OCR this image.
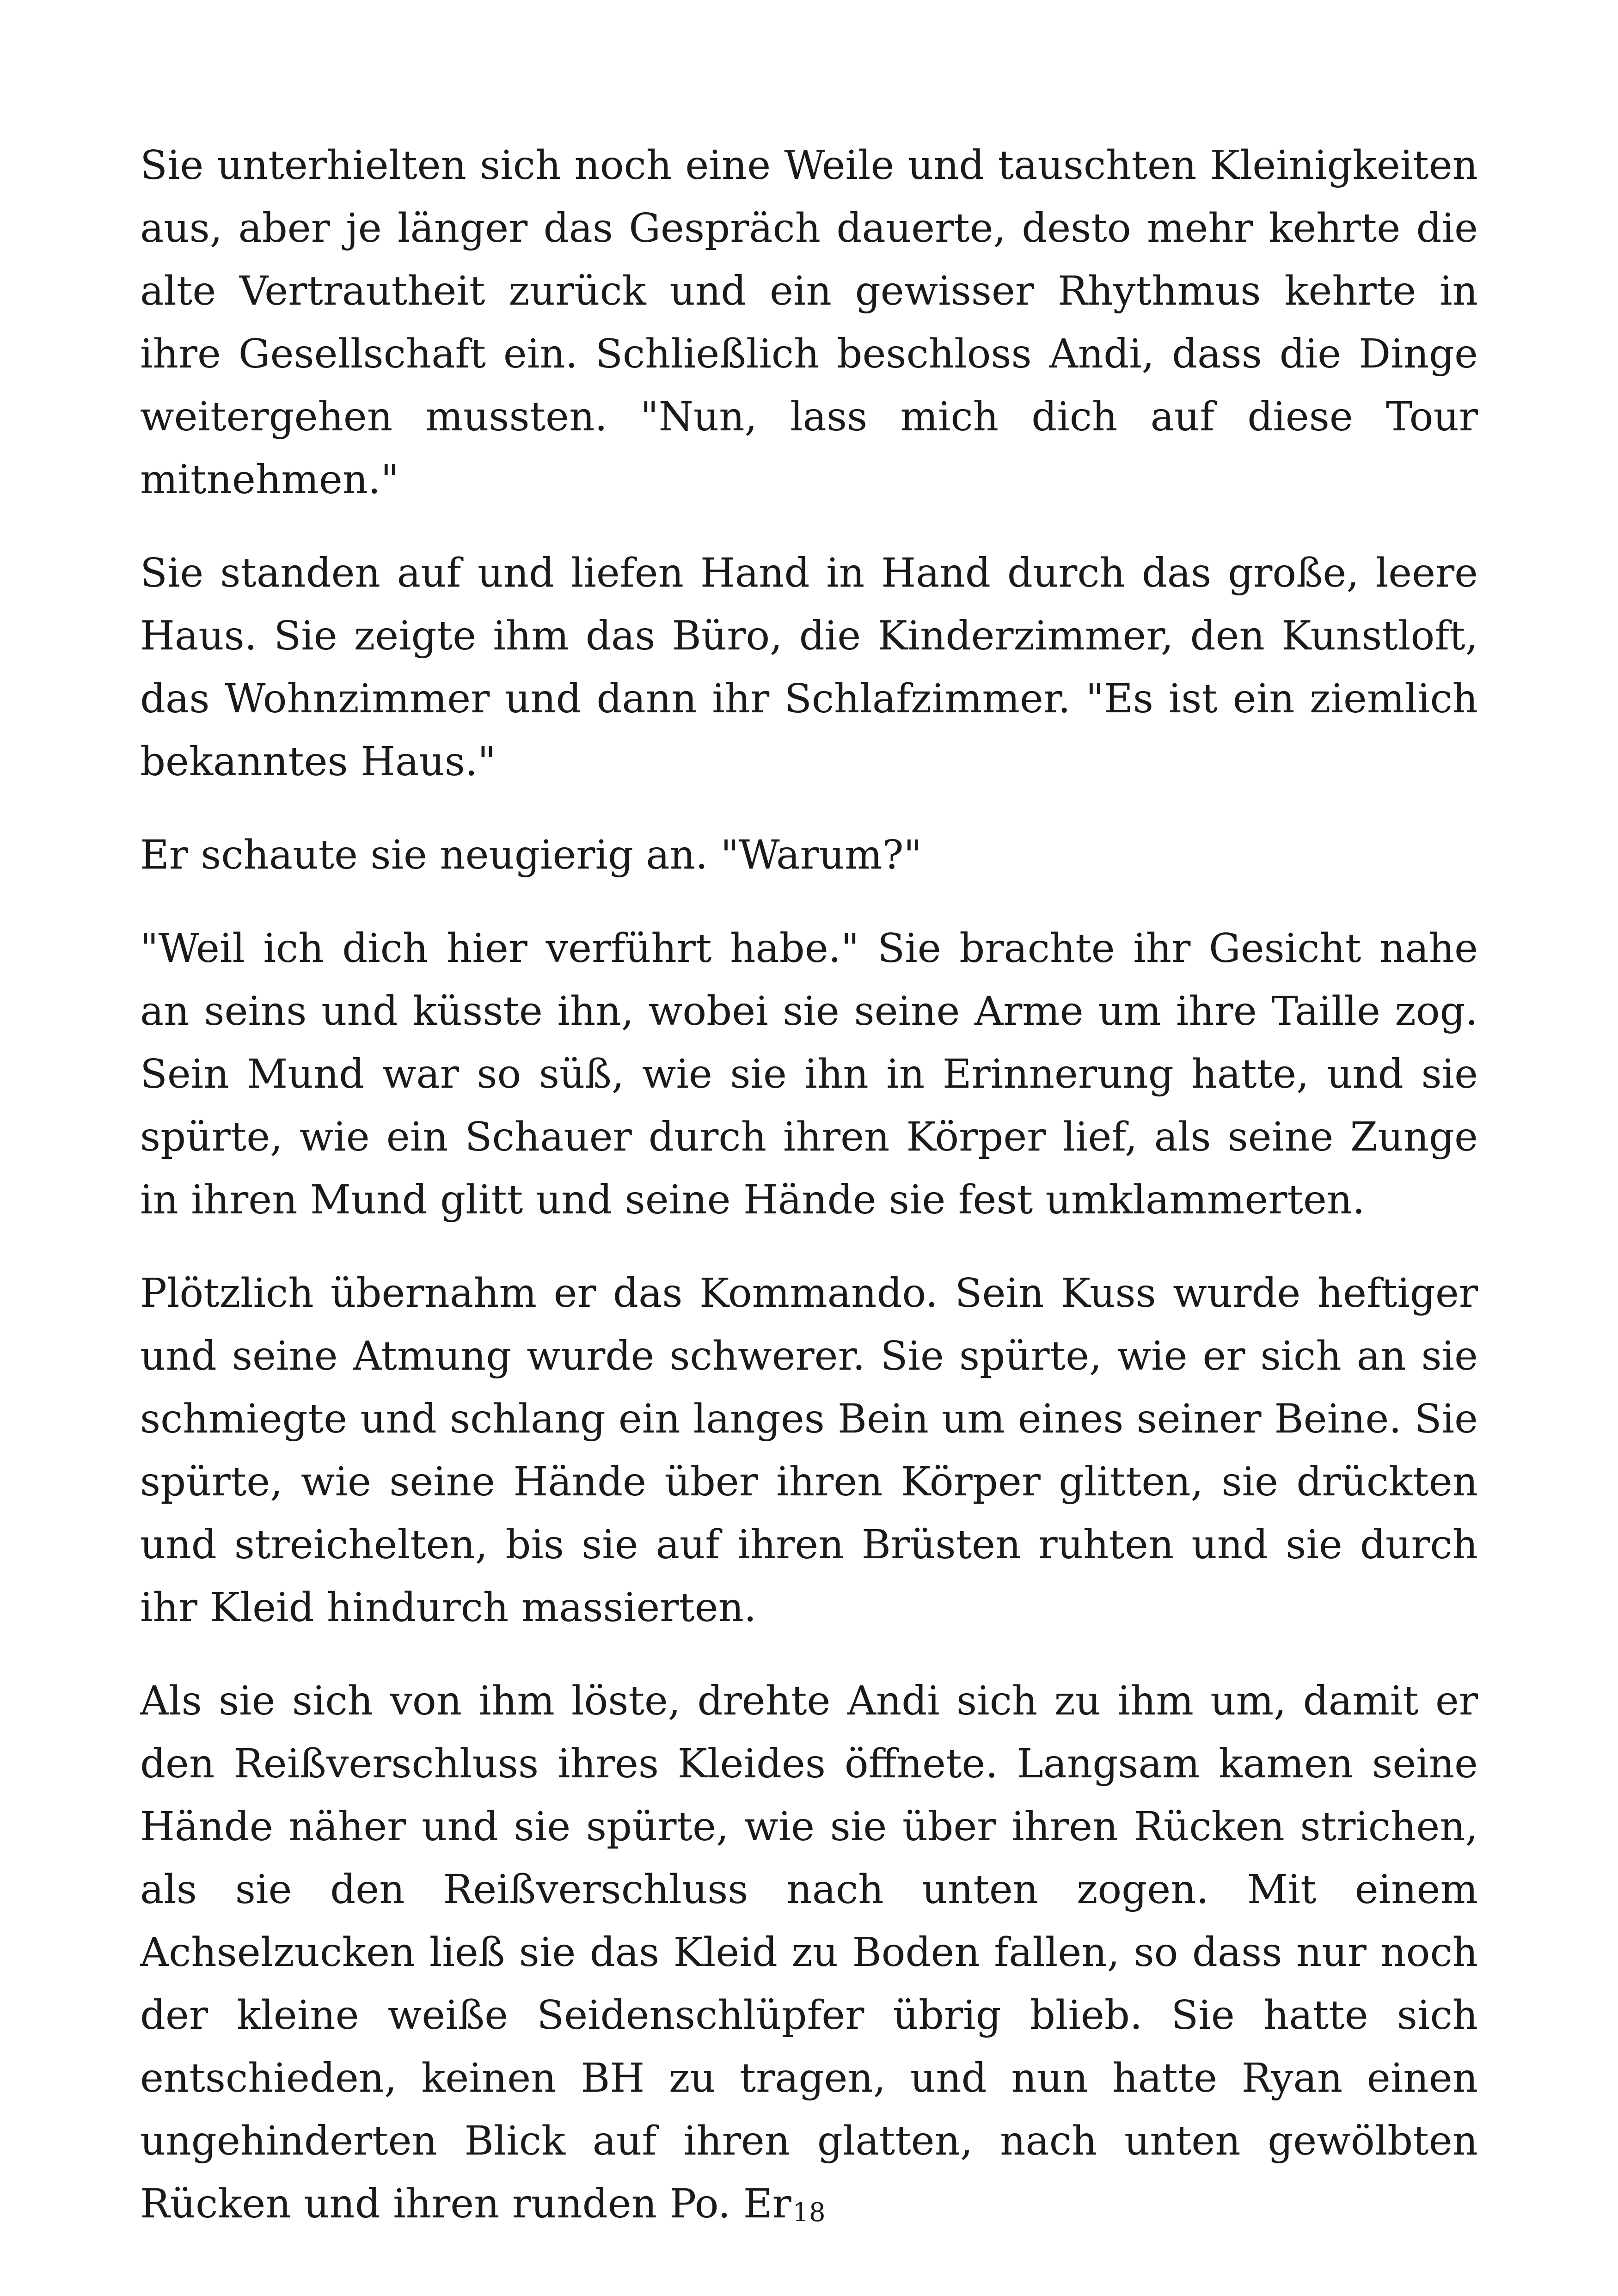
Sie unterhielten sich noch eine Weile und tauschten Kleinigkeiten aus, aber je länger das Gespräch dauerte, desto mehr kehrte die alte Vertrautheit zurück und ein gewisser Rhythmus kehrte in ihre Gesellschaft ein. Schließlich beschloss Andi, dass die Dinge weitergehen mussten. "Nun, lass mich dich auf diese Tour mitnehmen."

Sie standen auf und liefen Hand in Hand durch das große, leere Haus. Sie zeigte ihm das Büro, die Kinderzimmer, den Kunstloft, das Wohnzimmer und dann ihr Schlafzimmer. "Es ist ein ziemlich bekanntes Haus."

Er schaute sie neugierig an. "Warum?"

"Weil ich dich hier verführt habe." Sie brachte ihr Gesicht nahe an seins und küsste ihn, wobei sie seine Arme um ihre Taille zog. Sein Mund war so süß, wie sie ihn in Erinnerung hatte, und sie spürte, wie ein Schauer durch ihren Körper lief, als seine Zunge in ihren Mund glitt und seine Hände sie fest umklammerten.

Plötzlich übernahm er das Kommando. Sein Kuss wurde heftiger und seine Atmung wurde schwerer. Sie spürte, wie er sich an sie schmiegte und schlang ein langes Bein um eines seiner Beine. Sie spürte, wie seine Hände über ihren Körper glitten, sie drückten und streichelten, bis sie auf ihren Brüsten ruhten und sie durch ihr Kleid hindurch massierten.

Als sie sich von ihm löste, drehte Andi sich zu ihm um, damit er den Reißverschluss ihres Kleides öffnete. Langsam kamen seine Hände näher und sie spürte, wie sie über ihren Rücken strichen, als sie den Reißverschluss nach unten zogen. Mit einem Achselzucken ließ sie das Kleid zu Boden fallen, so dass nur noch der kleine weiße Seidenschlüpfer übrig blieb. Sie hatte sich entschieden, keinen BH zu tragen, und nun hatte Ryan einen ungehinderten Blick auf ihren glatten, nach unten gewölbten Rücken und ihren runden Po. Er 18
